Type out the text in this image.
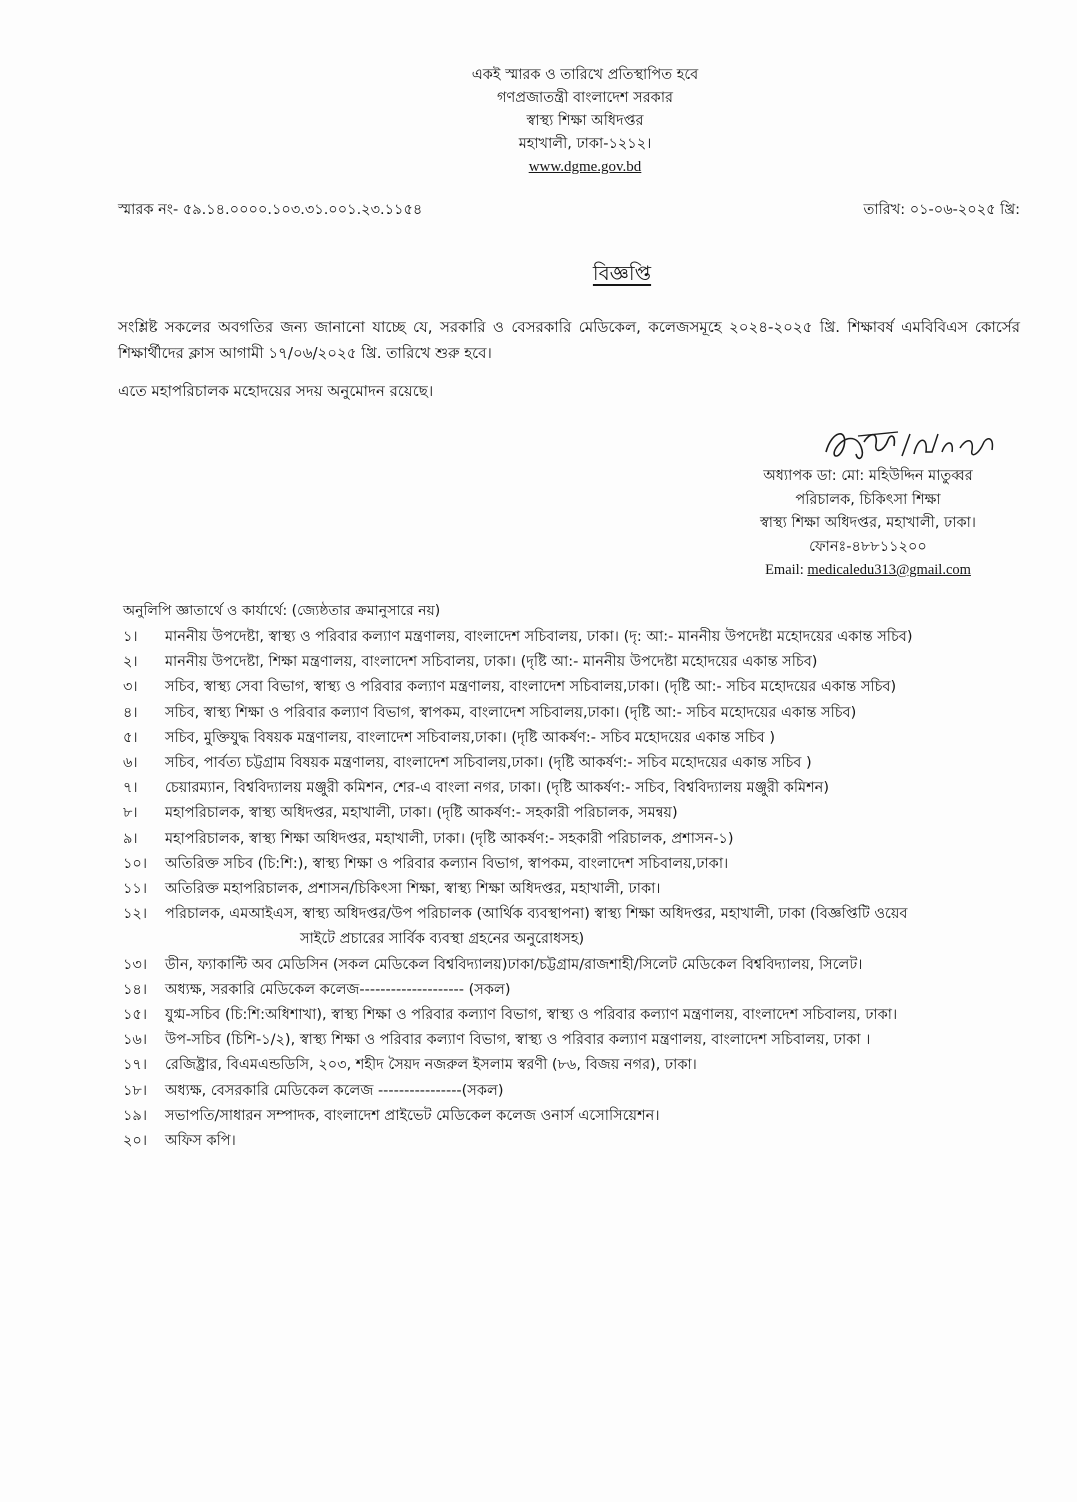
একই স্মারক ও তারিখে প্রতিস্থাপিত হবে
গণপ্রজাতন্ত্রী বাংলাদেশ সরকার
স্বাস্থ্য শিক্ষা অধিদপ্তর
মহাখালী, ঢাকা-১২১২।
www.dgme.gov.bd
স্মারক নং- ৫৯.১৪.০০০০.১০৩.৩১.০০১.২৩.১১৫৪	তারিখ: ০১-০৬-২০২৫ খ্রি:
বিজ্ঞপ্তি
সংশ্লিষ্ট সকলের অবগতির জন্য জানানো যাচ্ছে যে, সরকারি ও বেসরকারি মেডিকেল, কলেজসমূহে ২০২৪-২০২৫ খ্রি. শিক্ষাবর্ষ এমবিবিএস কোর্সের শিক্ষার্থীদের ক্লাস আগামী ১৭/০৬/২০২৫ খ্রি. তারিখে শুরু হবে।
এতে মহাপরিচালক মহোদয়ের সদয় অনুমোদন রয়েছে।
অধ্যাপক ডা: মো: মহিউদ্দিন মাতুব্বর
পরিচালক, চিকিৎসা শিক্ষা
স্বাস্থ্য শিক্ষা অধিদপ্তর, মহাখালী, ঢাকা।
ফোনঃ-৪৮৮১১২০০
Email: medicaledu313@gmail.com
অনুলিপি জ্ঞাতার্থে ও কার্যার্থে: (জ্যেষ্ঠতার ক্রমানুসারে নয়)
১।	মাননীয় উপদেষ্টা, স্বাস্থ্য ও পরিবার কল্যাণ মন্ত্রণালয়, বাংলাদেশ সচিবালয়, ঢাকা। (দৃ: আ:- মাননীয় উপদেষ্টা মহোদয়ের একান্ত সচিব)
২।	মাননীয় উপদেষ্টা, শিক্ষা মন্ত্রণালয়, বাংলাদেশ সচিবালয়, ঢাকা। (দৃষ্টি আ:- মাননীয় উপদেষ্টা মহোদয়ের একান্ত সচিব)
৩।	সচিব, স্বাস্থ্য সেবা বিভাগ, স্বাস্থ্য ও পরিবার কল্যাণ মন্ত্রণালয়, বাংলাদেশ সচিবালয়,ঢাকা। (দৃষ্টি আ:- সচিব মহোদয়ের একান্ত সচিব)
৪।	সচিব, স্বাস্থ্য শিক্ষা ও পরিবার কল্যাণ বিভাগ, স্বাপকম, বাংলাদেশ সচিবালয়,ঢাকা। (দৃষ্টি আ:- সচিব মহোদয়ের একান্ত সচিব)
৫।	সচিব, মুক্তিযুদ্ধ বিষয়ক মন্ত্রণালয়, বাংলাদেশ সচিবালয়,ঢাকা। (দৃষ্টি আকর্ষণ:- সচিব মহোদয়ের একান্ত সচিব )
৬।	সচিব, পার্বত্য চট্টগ্রাম বিষয়ক মন্ত্রণালয়, বাংলাদেশ সচিবালয়,ঢাকা। (দৃষ্টি আকর্ষণ:- সচিব মহোদয়ের একান্ত সচিব )
৭।	চেয়ারম্যান, বিশ্ববিদ্যালয় মঞ্জুরী কমিশন, শের-এ বাংলা নগর, ঢাকা। (দৃষ্টি আকর্ষণ:- সচিব, বিশ্ববিদ্যালয় মঞ্জুরী কমিশন)
৮।	মহাপরিচালক, স্বাস্থ্য অধিদপ্তর, মহাখালী, ঢাকা। (দৃষ্টি আকর্ষণ:- সহকারী পরিচালক, সমন্বয়)
৯।	মহাপরিচালক, স্বাস্থ্য শিক্ষা অধিদপ্তর, মহাখালী, ঢাকা। (দৃষ্টি আকর্ষণ:- সহকারী পরিচালক, প্রশাসন-১)
১০।	অতিরিক্ত সচিব (চি:শি:), স্বাস্থ্য শিক্ষা ও পরিবার কল্যান বিভাগ, স্বাপকম, বাংলাদেশ সচিবালয়,ঢাকা।
১১।	অতিরিক্ত মহাপরিচালক, প্রশাসন/চিকিৎসা শিক্ষা, স্বাস্থ্য শিক্ষা অধিদপ্তর, মহাখালী, ঢাকা।
১২।	পরিচালক, এমআইএস, স্বাস্থ্য অধিদপ্তর/উপ পরিচালক (আর্থিক ব্যবস্থাপনা) স্বাস্থ্য শিক্ষা অধিদপ্তর, মহাখালী, ঢাকা (বিজ্ঞপ্তিটি ওয়েব
সাইটে প্রচারের সার্বিক ব্যবস্থা গ্রহনের অনুরোধসহ)
১৩।	ডীন, ফ্যাকাল্টি অব মেডিসিন (সকল মেডিকেল বিশ্ববিদ্যালয়)ঢাকা/চট্টগ্রাম/রাজশাহী/সিলেট মেডিকেল বিশ্ববিদ্যালয়, সিলেট।
১৪।	অধ্যক্ষ, সরকারি মেডিকেল কলেজ-------------------- (সকল)
১৫।	যুগ্ম-সচিব (চি:শি:অধিশাখা), স্বাস্থ্য শিক্ষা ও পরিবার কল্যাণ বিভাগ, স্বাস্থ্য ও পরিবার কল্যাণ মন্ত্রণালয়, বাংলাদেশ সচিবালয়, ঢাকা।
১৬।	উপ-সচিব (চিশি-১/২), স্বাস্থ্য শিক্ষা ও পরিবার কল্যাণ বিভাগ, স্বাস্থ্য ও পরিবার কল্যাণ মন্ত্রণালয়, বাংলাদেশ সচিবালয়, ঢাকা ।
১৭।	রেজিষ্ট্রার, বিএমএন্ডডিসি, ২০৩, শহীদ সৈয়দ নজরুল ইসলাম স্বরণী (৮৬, বিজয় নগর), ঢাকা।
১৮।	অধ্যক্ষ, বেসরকারি মেডিকেল কলেজ ----------------(সকল)
১৯।	সভাপতি/সাধারন সম্পাদক, বাংলাদেশ প্রাইভেট মেডিকেল কলেজ ওনার্স এসোসিয়েশন।
২০।	অফিস কপি।
